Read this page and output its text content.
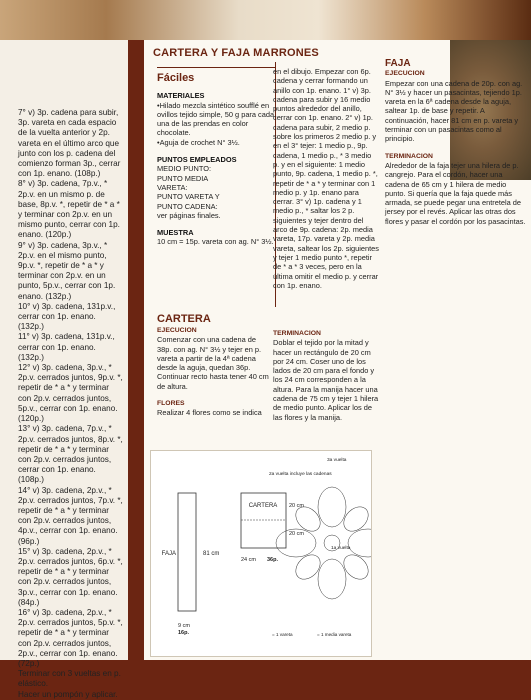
7° v) 3p. cadena para subir, 3p. vareta en cada espacio de la vuelta anterior y 2p. vareta en el último arco que junto con los p. cadena del comienzo forman 3p., cerrar con 1p. enano. (108p.)

8° v) 3p. cadena, 7p.v., * 2p.v. en un mismo p. de base, 8p.v. *, repetir de * a * y terminar con 2p.v. en un mismo punto, cerrar con 1p. enano. (120p.)

9° v) 3p. cadena, 3p.v., * 2p.v. en el mismo punto, 9p.v. *, repetir de * a * y terminar con 2p.v. en un punto, 5p.v., cerrar con 1p. enano. (132p.)

10° v) 3p. cadena, 131p.v., cerrar con 1p. enano. (132p.)

11° v) 3p. cadena, 131p.v., cerrar con 1p. enano. (132p.)

12° v) 3p. cadena, 3p.v., * 2p.v. cerrados juntos, 9p.v. *, repetir de * a * y terminar con 2p.v. cerrados juntos, 5p.v., cerrar con 1p. enano. (120p.)

13° v) 3p. cadena, 7p.v., * 2p.v. cerrados juntos, 8p.v. *, repetir de * a * y terminar con 2p.v. cerrados juntos, cerrar con 1p. enano. (108p.)

14° v) 3p. cadena, 2p.v., * 2p.v. cerrados juntos, 7p.v. *, repetir de * a * y terminar con 2p.v. cerrados juntos, 4p.v., cerrar con 1p. enano. (96p.)

15° v) 3p. cadena, 2p.v., * 2p.v. cerrados juntos, 6p.v. *, repetir de * a * y terminar con 2p.v. cerrados juntos, 3p.v., cerrar con 1p. enano. (84p.)

16° v) 3p. cadena, 2p.v., * 2p.v. cerrados juntos, 5p.v. *, repetir de * a * y terminar con 2p.v. cerrados juntos, 2p.v., cerrar con 1p. enano. (72p.)

Terminar con 3 vueltas en p. elástico.

Hacer un pompón y aplicar.

CARTERA Y FAJA MARRONES
Fáciles

MATERIALES

•Hilado mezcla sintético soufflé en ovillos tejido simple, 50 g para cada una de las prendas en color chocolate.

•Aguja de crochet N° 3½.

PUNTOS EMPLEADOS

MEDIO PUNTO:

PUNTO MEDIA

VARETA:

PUNTO VARETA Y

PUNTO CADENA:

ver páginas finales.

MUESTRA

10 cm = 15p. vareta con ag. N° 3½.

en el dibujo. Empezar con 6p. cadena y cerrar formando un anillo con 1p. enano. 1° v) 3p. cadena para subir y 16 medio puntos alrededor del anillo, cerrar con 1p. enano. 2° v) 1p. cadena para subir, 2 medio p. sobre los primeros 2 medio p. y en el 3° tejer: 1 medio p., 9p. cadena, 1 medio p., * 3 medio p. y en el siguiente: 1 medio punto, 9p. cadena, 1 medio p. *, repetir de * a * y terminar con 1 medio p. y 1p. enano para cerrar. 3° v) 1p. cadena y 1 medio p., * saltar los 2 p. siguientes y tejer dentro del arco de 9p. cadena: 2p. media vareta, 17p. vareta y 2p. media vareta, saltear los 2p. siguientes y tejer 1 medio punto *, repetir de * a * 3 veces, pero en la última omitir el medio p. y cerrar con 1p. enano.

CARTERA

EJECUCION

Comenzar con una cadena de 38p. con ag. N° 3½ y tejer en p. vareta a partir de la 4ª cadena desde la aguja, quedan 36p. Continuar recto hasta tener 40 cm de altura.

FLORES

Realizar 4 flores como se indica

TERMINACION

Doblar el tejido por la mitad y hacer un rectángulo de 20 cm por 24 cm. Coser uno de los lados de 20 cm para el fondo y los 24 cm corresponden a la altura. Para la manija hacer una cadena de 75 cm y tejer 1 hilera de medio punto. Aplicar los de las flores y la manija.

FAJA

EJECUCION

Empezar con una cadena de 20p. con ag. N° 3½ y hacer un pasacintas, tejiendo 1p. vareta en la 6ª cadena desde la aguja, saltear 1p. de base y repetir. A continuación, hacer 81 cm en p. vareta y terminar con un pasacintas como al principio.

TERMINACION

Alrededor de la faja tejer una hilera de p. cangrejo. Para el cordón, hacer una cadena de 65 cm y 1 hilera de medio punto. Si quería que la faja quede más armada, se puede pegar una entretela de jersey por el revés. Aplicar las otras dos flores y pasar el cordón por los pasacintas.

FAJA	81 cm
9 cm
16p.
CARTERA 20 cm
20 cm
24 cm 36p.
3a vuelta
2a vuelta incluye las cadenas
1a vuelta
= 1 vareta	= 1 media vareta
